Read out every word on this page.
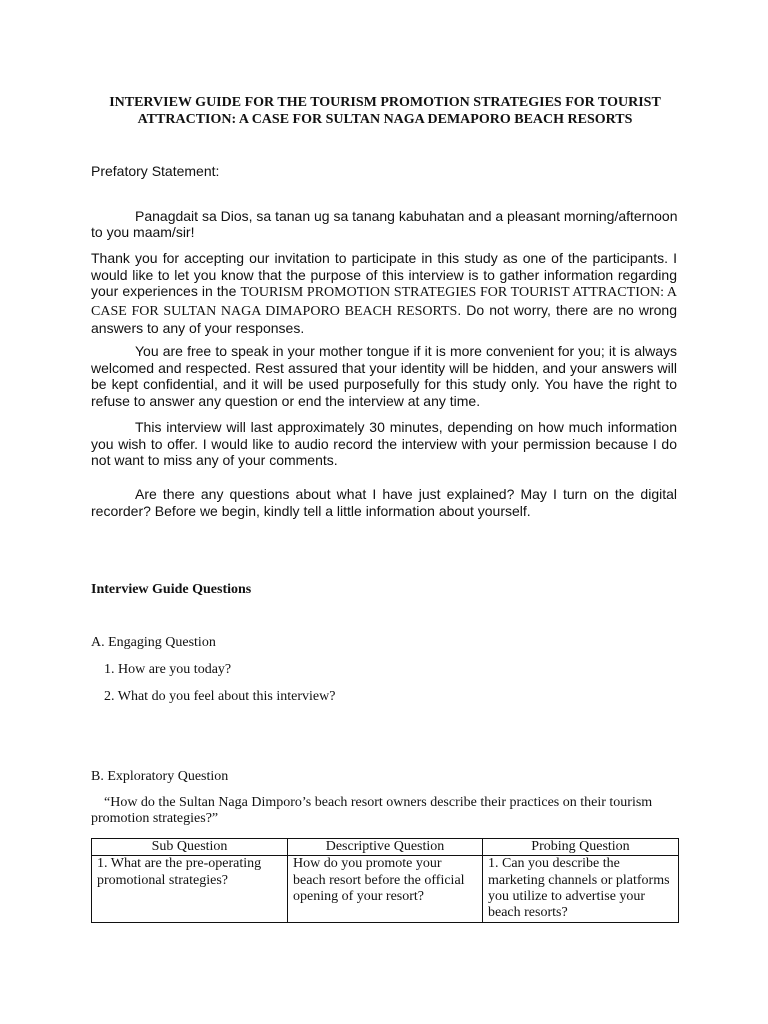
INTERVIEW GUIDE FOR THE TOURISM PROMOTION STRATEGIES FOR TOURIST
ATTRACTION: A CASE FOR SULTAN NAGA DEMAPORO BEACH RESORTS
Prefatory Statement:
Panagdait sa Dios, sa tanan ug sa tanang kabuhatan and a pleasant morning/afternoon
to you maam/sir!
Thank you for accepting our invitation to participate in this study as one of the participants. I would like to let you know that the purpose of this interview is to gather information regarding your experiences in the TOURISM PROMOTION STRATEGIES FOR TOURIST ATTRACTION: A CASE FOR SULTAN NAGA DIMAPORO BEACH RESORTS. Do not worry, there are no wrong answers to any of your responses.
You are free to speak in your mother tongue if it is more convenient for you; it is always welcomed and respected. Rest assured that your identity will be hidden, and your answers will be kept confidential, and it will be used purposefully for this study only. You have the right to refuse to answer any question or end the interview at any time.
This interview will last approximately 30 minutes, depending on how much information you wish to offer. I would like to audio record the interview with your permission because I do not want to miss any of your comments.
Are there any questions about what I have just explained? May I turn on the digital recorder? Before we begin, kindly tell a little information about yourself.
Interview Guide Questions
A. Engaging Question
1. How are you today?
2. What do you feel about this interview?
B. Exploratory Question
“How do the Sultan Naga Dimporo’s beach resort owners describe their practices on their tourism
promotion strategies?”
Sub Question	Descriptive Question	Probing Question
1. What are the pre-operating promotional strategies?	How do you promote your beach resort before the official opening of your resort?	1. Can you describe the marketing channels or platforms you utilize to advertise your beach resorts?
